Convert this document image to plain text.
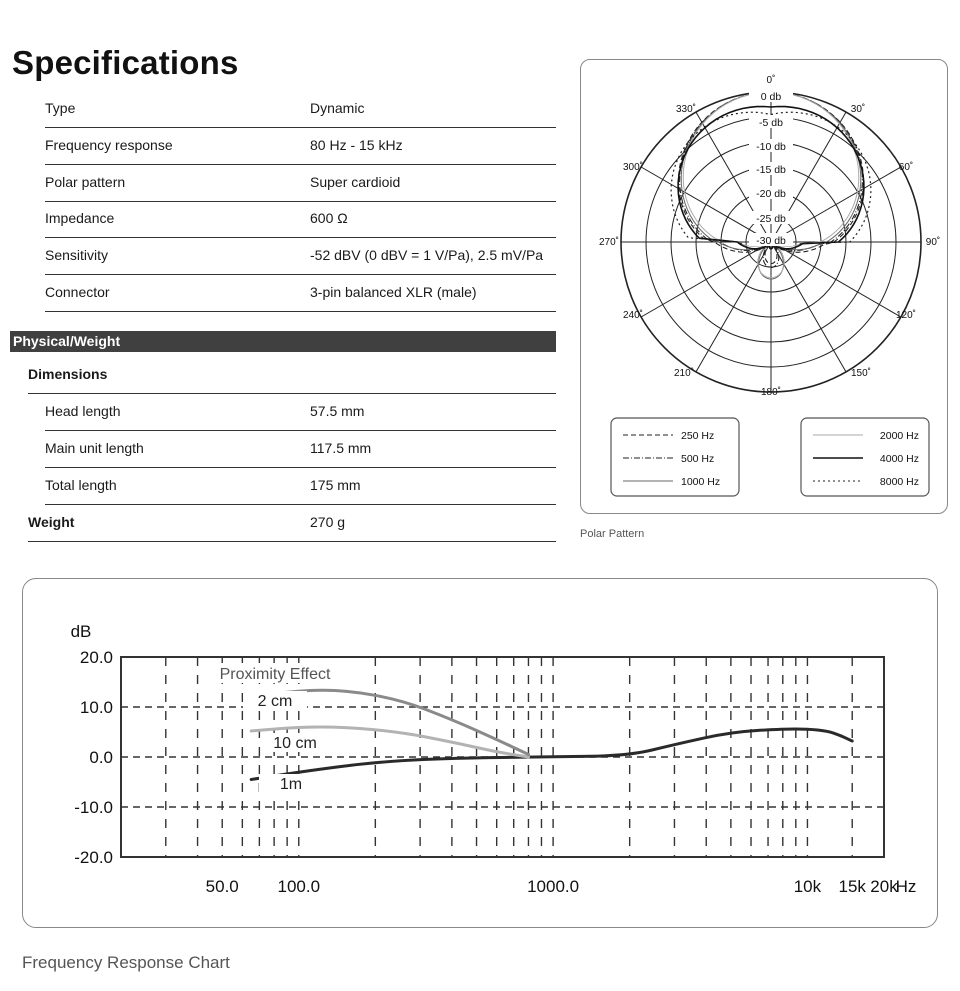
Specifications
Type	Dynamic
Frequency response	80 Hz - 15 kHz
Polar pattern	Super cardioid
Impedance	600 Ω
Sensitivity	-52 dBV (0 dBV = 1 V/Pa), 2.5 mV/Pa
Connector	3-pin balanced XLR (male)
Physical/Weight
Dimensions
Head length	57.5 mm
Main unit length	117.5 mm
Total length	175 mm
Weight	270 g
0 db
-5 db
-10 db
-15 db
-20 db
-25 db
-30 db
0˚
30˚
60˚
90˚
120˚
150˚
180˚
210˚
240˚
270˚
300˚
330˚
250 Hz
500 Hz
1000 Hz
2000 Hz
4000 Hz
8000 Hz
Polar Pattern
1m
10 cm
2 cm
Proximity Effect
20.0
10.0
0.0
-10.0
-20.0
dB
50.0 100.0	1000.0	10k 15k 20k
Hz
Frequency Response Chart
